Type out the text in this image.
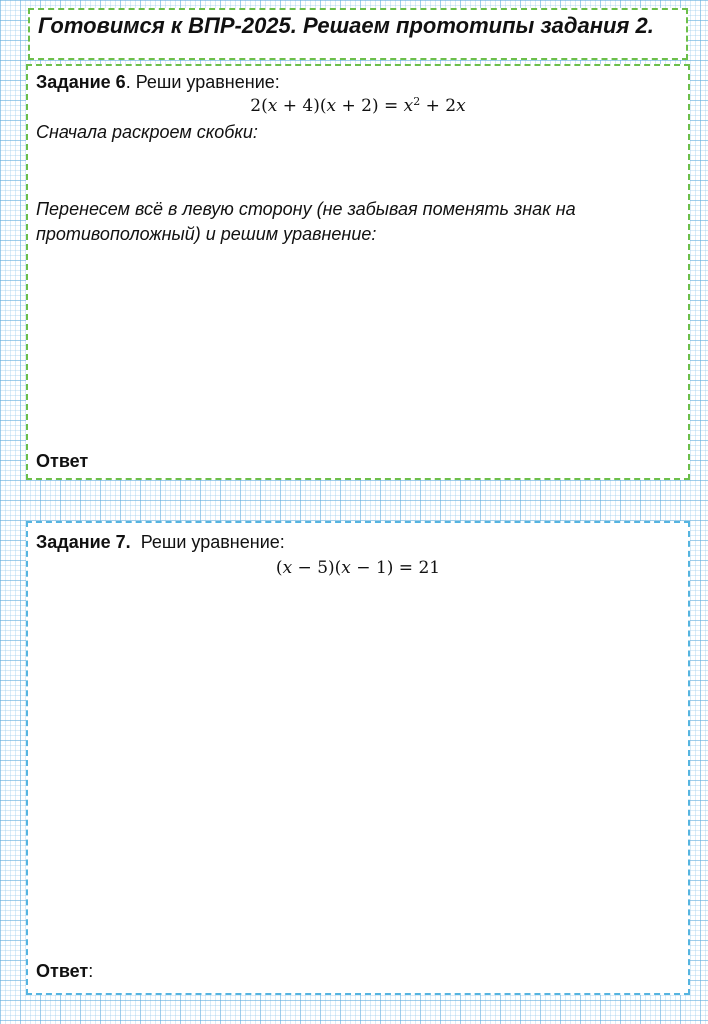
Готовимся к ВПР-2025. Решаем прототипы задания 2.

Задание 6. Реши уравнение:
$2(x + 4)(x + 2) = x^2 + 2x$

Сначала раскроем скобки:

Перенесем всё в левую сторону (не забывая поменять знак на противоположный) и решим уравнение:

Ответ
Задание 7. Реши уравнение:
(x − 5)(x − 1) = 21
Ответ:
